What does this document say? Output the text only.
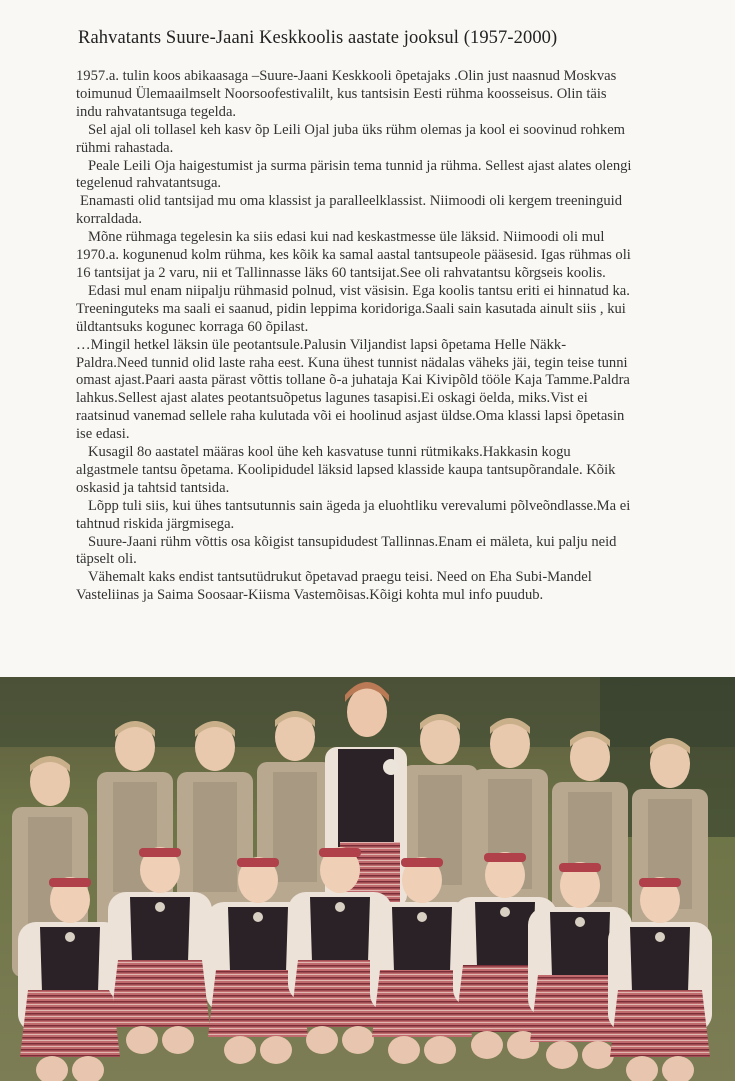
Rahvatants Suure-Jaani Keskkoolis aastate jooksul (1957-2000)

1957.a. tulin koos abikaasaga –Suure-Jaani Keskkooli õpetajaks .Olin just naasnud Moskvas toimunud Ülemaailmselt Noorsoofestivalilt, kus tantsisin Eesti rühma koosseisus. Olin täis indu rahvatantsuga tegelda.

Sel ajal oli tollasel keh kasv õp Leili Ojal juba üks rühm olemas ja kool ei soovinud rohkem rühmi rahastada.

Peale Leili Oja haigestumist ja surma pärisin tema tunnid ja rühma. Sellest ajast alates olengi tegelenud rahvatantsuga.

Enamasti olid tantsijad mu oma klassist ja paralleelklassist. Niimoodi oli kergem treeninguid korraldada.

Mõne rühmaga tegelesin ka siis edasi kui nad keskastmesse üle läksid. Niimoodi oli mul 1970.a. kogunenud kolm rühma, kes kõik ka samal aastal tantsupeole pääsesid. Igas rühmas oli 16 tantsijat ja 2 varu, nii et Tallinnasse läks 60 tantsijat.See oli rahvatantsu kõrgseis koolis.

Edasi mul enam niipalju rühmasid polnud, vist väsisin. Ega koolis tantsu eriti ei hinnatud ka. Treeninguteks ma saali ei saanud, pidin leppima koridoriga.Saali sain kasutada ainult siis , kui üldtantsuks koguneс korraga 60 õpilast.

…Mingil hetkel läksin üle peotantsule.Palusin Viljandist lapsi õpetama Helle Näkk-Paldra.Need tunnid olid laste raha eest. Kuna ühest tunnist nädalas väheks jäi, tegin teise tunni omast ajast.Paari aasta pärast võttis tollane õ-a juhataja Kai Kivipõld tööle Kaja Tamme.Paldra lahkus.Sellest ajast alates peotantsuõpetus lagunes tasapisi.Ei oskagi öelda, miks.Vist ei raatsinud vanemad sellele raha kulutada või ei hoolinud asjast üldse.Oma klassi lapsi õpetasin ise edasi.

Kusagil 8o aastatel määras kool ühe keh kasvatuse tunni rütmikaks.Hakkasin kogu algastmele tantsu õpetama. Koolipidudel läksid lapsed klasside kaupa tantsupõrandale. Kõik oskasid ja tahtsid tantsida.

Lõpp tuli siis, kui ühes tantsutunnis sain ägeda ja eluohtliku verevalumi põlveõndlasse.Ma ei tahtnud riskida järgmisega.

Suure-Jaani rühm võttis osa kõigist tansupidudest Tallinnas.Enam ei mäleta, kui palju neid täpselt oli.

Vähemalt kaks endist tantsutüdrukut õpetavad praegu teisi. Need on Eha Subi-Mandel Vasteliinas ja Saima Soosaar-Kiisma Vastemõisas.Kõigi kohta mul info puudub.
